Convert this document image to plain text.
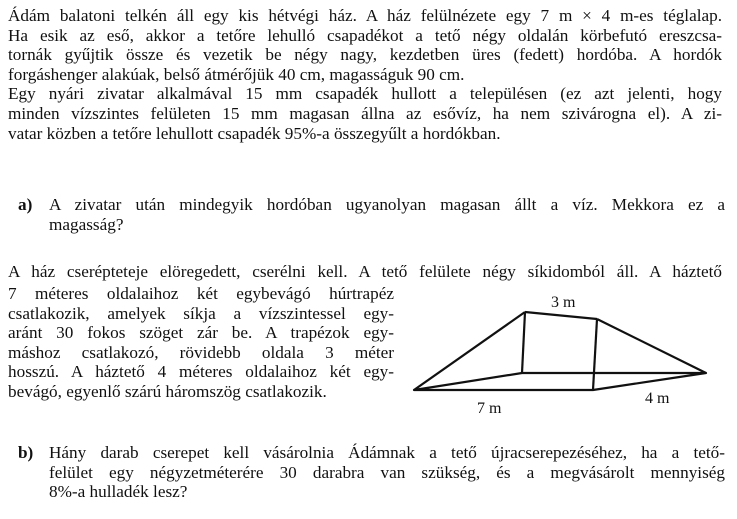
Ádám balatoni telkén áll egy kis hétvégi ház. A ház felülnézete egy 7 m × 4 m-es téglalap.
Ha esik az eső, akkor a tetőre lehulló csapadékot a tető négy oldalán körbefutó ereszcsa-
tornák gyűjtik össze és vezetik be négy nagy, kezdetben üres (fedett) hordóba. A hordók
forgáshenger alakúak, belső átmérőjük 40 cm, magasságuk 90 cm.
Egy nyári zivatar alkalmával 15 mm csapadék hullott a településen (ez azt jelenti, hogy
minden vízszintes felületen 15 mm magasan állna az esővíz, ha nem szivárogna el). A zi-
vatar közben a tetőre lehullott csapadék 95%-a összegyűlt a hordókban.
a) A zivatar után mindegyik hordóban ugyanolyan magasan állt a víz. Mekkora ez a
magasság?
A ház cserépteteje elöregedett, cserélni kell. A tető felülete négy síkidomból áll. A háztető
7 méteres oldalaihoz két egybevágó húrtrapéz
csatlakozik, amelyek síkja a vízszintessel egy-
aránt 30 fokos szöget zár be. A trapézok egy-
máshoz csatlakozó, rövidebb oldala 3 méter
hosszú. A háztető 4 méteres oldalaihoz két egy-
bevágó, egyenlő szárú háromszög csatlakozik.
3 m
7 m
4 m
b) Hány darab cserepet kell vásárolnia Ádámnak a tető újracserepezéséhez, ha a tető-
felület egy négyzetméterére 30 darabra van szükség, és a megvásárolt mennyiség
8%-a hulladék lesz?
